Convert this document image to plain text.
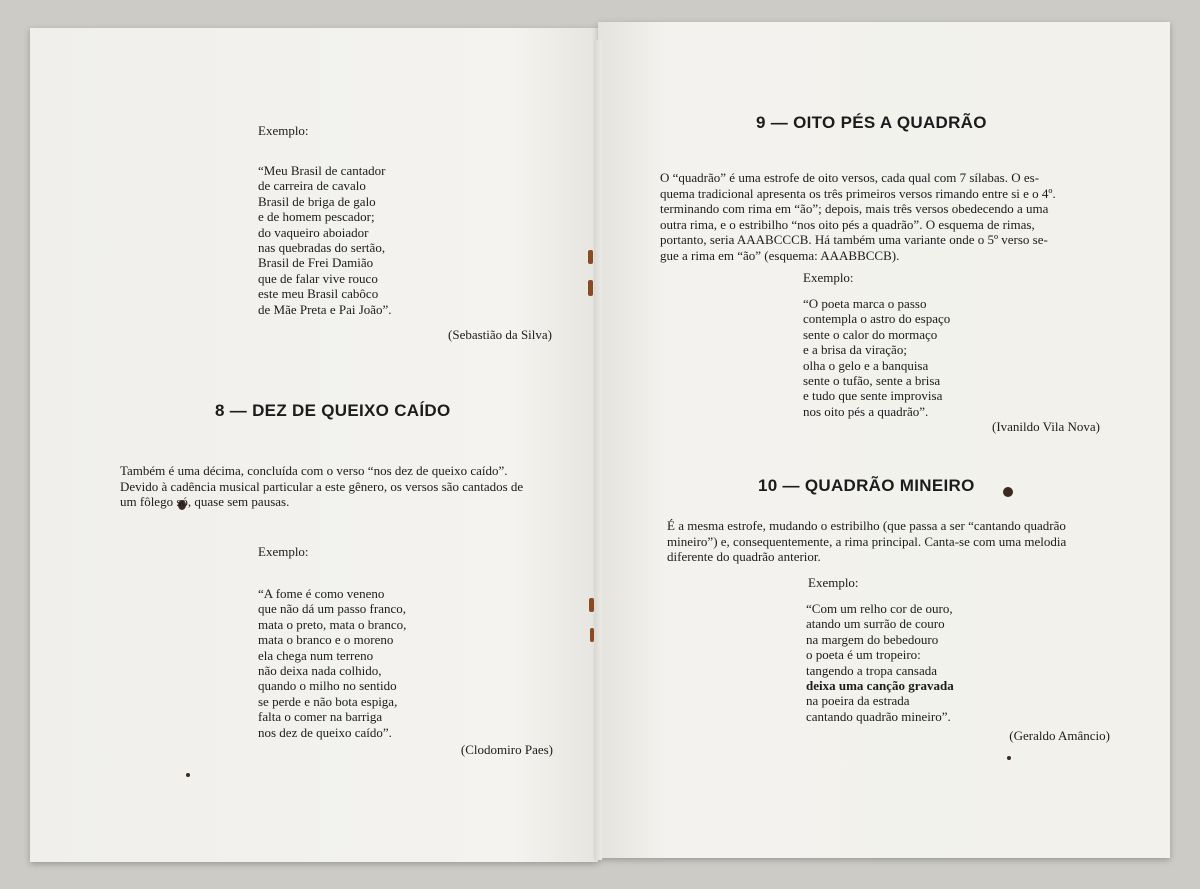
Exemplo:
“Meu Brasil de cantador
de carreira de cavalo
Brasil de briga de galo
e de homem pescador;
do vaqueiro aboiador
nas quebradas do sertão,
Brasil de Frei Damião
que de falar vive rouco
este meu Brasil cabôco
de Mãe Preta e Pai João”.
(Sebastião da Silva)
8 — DEZ DE QUEIXO CAÍDO
Também é uma décima, concluída com o verso “nos dez de queixo caído”.
Devido à cadência musical particular a este gênero, os versos são cantados de
um fôlego só, quase sem pausas.
Exemplo:
“A fome é como veneno
que não dá um passo franco,
mata o preto, mata o branco,
mata o branco e o moreno
ela chega num terreno
não deixa nada colhido,
quando o milho no sentido
se perde e não bota espiga,
falta o comer na barriga
nos dez de queixo caído”.
(Clodomiro Paes)
9 — OITO PÉS A QUADRÃO
O “quadrão” é uma estrofe de oito versos, cada qual com 7 sílabas. O es-
quema tradicional apresenta os três primeiros versos rimando entre si e o 4º.
terminando com rima em “ão”; depois, mais três versos obedecendo a uma
outra rima, e o estribilho “nos oito pés a quadrão”. O esquema de rimas,
portanto, seria AAABCCCB. Há também uma variante onde o 5º verso se-
gue a rima em “ão” (esquema: AAABBCCB).
Exemplo:
“O poeta marca o passo
contempla o astro do espaço
sente o calor do mormaço
e a brisa da viração;
olha o gelo e a banquisa
sente o tufão, sente a brisa
e tudo que sente improvisa
nos oito pés a quadrão”.
(Ivanildo Vila Nova)
10 — QUADRÃO MINEIRO
É a mesma estrofe, mudando o estribilho (que passa a ser “cantando quadrão
mineiro”) e, consequentemente, a rima principal. Canta-se com uma melodia
diferente do quadrão anterior.
Exemplo:
“Com um relho cor de ouro,
atando um surrão de couro
na margem do bebedouro
o poeta é um tropeiro:
tangendo a tropa cansada
deixa uma canção gravada
na poeira da estrada
cantando quadrão mineiro”.
(Geraldo Amâncio)
